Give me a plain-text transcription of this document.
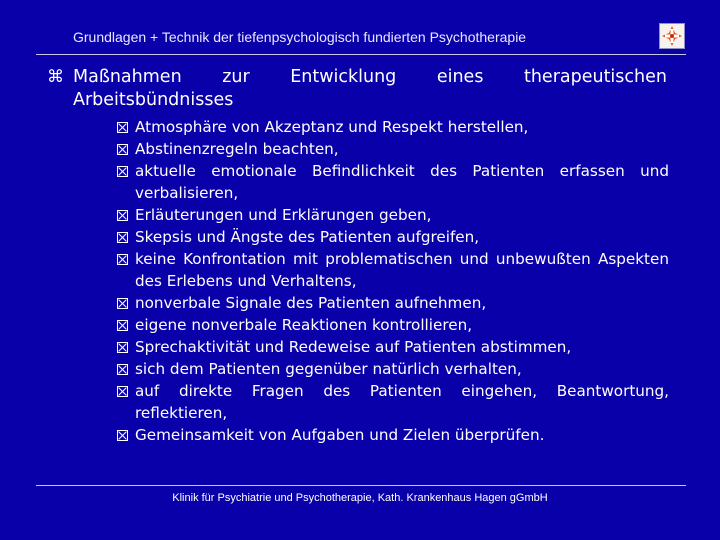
Grundlagen + Technik der tiefenpsychologisch fundierten Psychotherapie
⌘ Maßnahmen zur Entwicklung eines therapeutischen Arbeitsbündnisses
Atmosphäre von Akzeptanz und Respekt herstellen,
Abstinenzregeln beachten,
aktuelle emotionale Befindlichkeit des Patienten erfassen und verbalisieren,
Erläuterungen und Erklärungen geben,
Skepsis und Ängste des Patienten aufgreifen,
keine Konfrontation mit problematischen und unbewußten Aspekten des Erlebens und Verhaltens,
nonverbale Signale des Patienten aufnehmen,
eigene nonverbale Reaktionen kontrollieren,
Sprechaktivität und Redeweise auf Patienten abstimmen,
sich dem Patienten gegenüber natürlich verhalten,
auf direkte Fragen des Patienten eingehen, Beantwortung, reflektieren,
Gemeinsamkeit von Aufgaben und Zielen überprüfen.
Klinik für Psychiatrie und Psychotherapie, Kath. Krankenhaus Hagen gGmbH
